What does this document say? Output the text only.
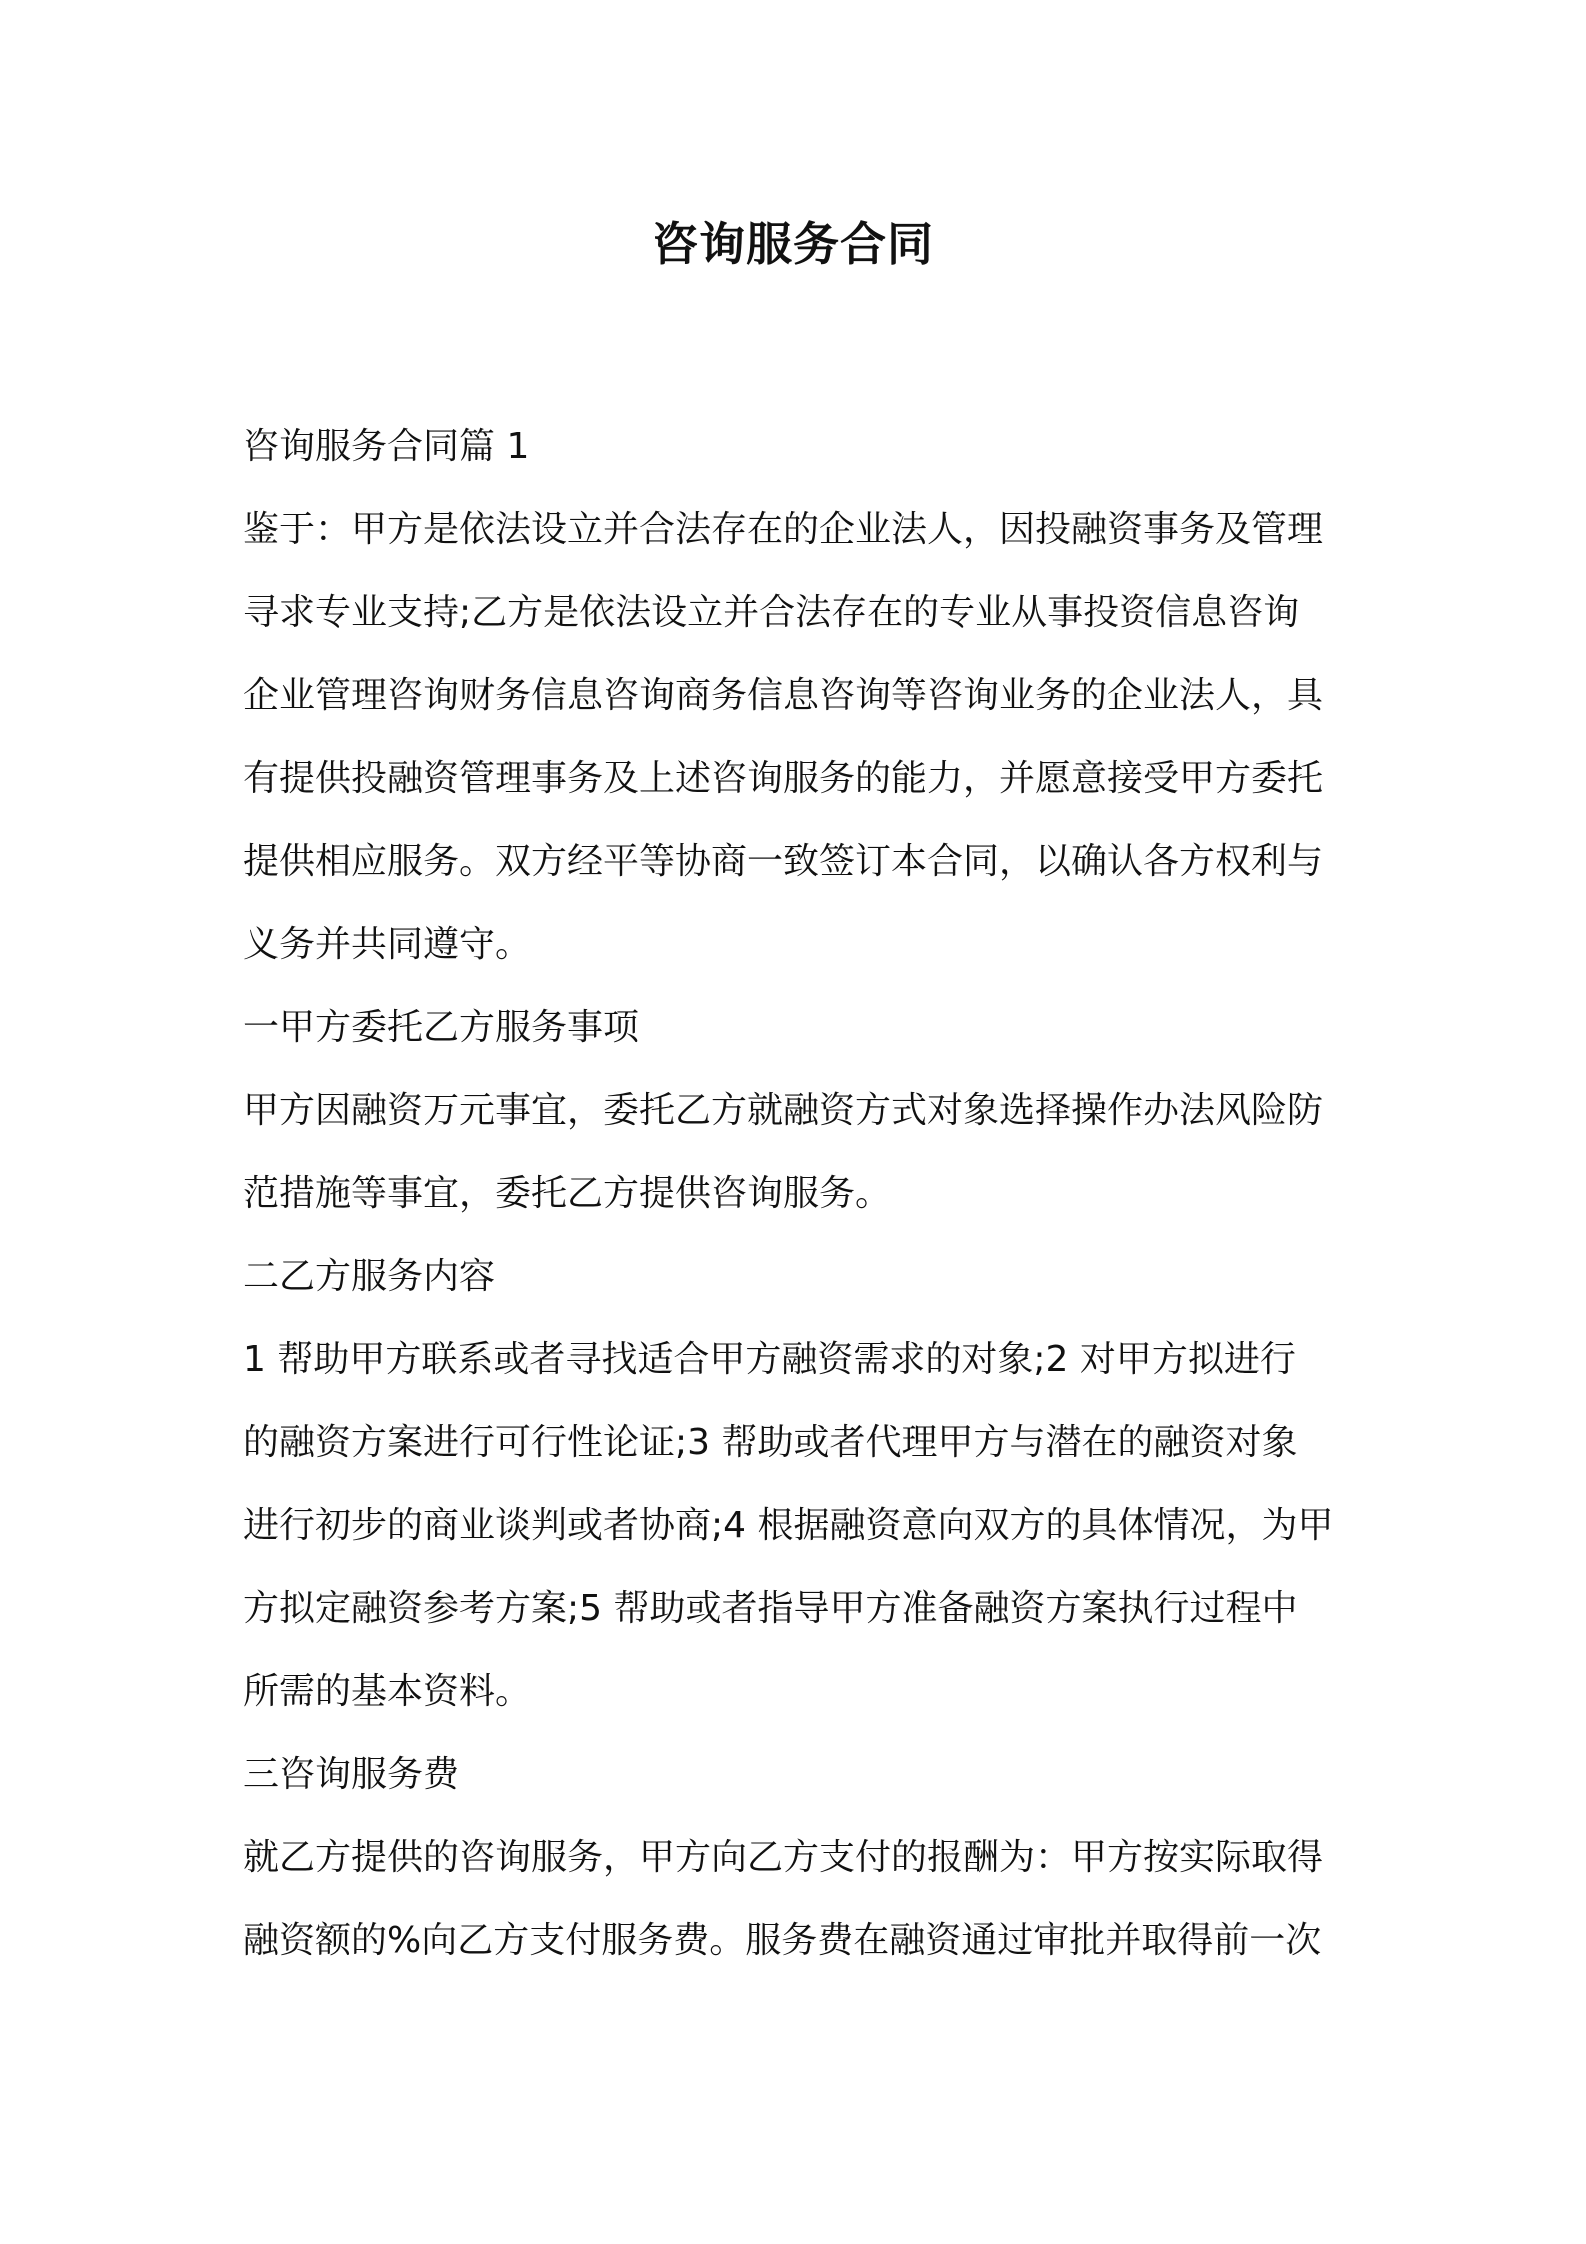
咨询服务合同
咨询服务合同篇 1
鉴于：甲方是依法设立并合法存在的企业法人，因投融资事务及管理
寻求专业支持;乙方是依法设立并合法存在的专业从事投资信息咨询
企业管理咨询财务信息咨询商务信息咨询等咨询业务的企业法人，具
有提供投融资管理事务及上述咨询服务的能力，并愿意接受甲方委托
提供相应服务。双方经平等协商一致签订本合同，以确认各方权利与
义务并共同遵守。
一甲方委托乙方服务事项
甲方因融资万元事宜，委托乙方就融资方式对象选择操作办法风险防
范措施等事宜，委托乙方提供咨询服务。
二乙方服务内容
1 帮助甲方联系或者寻找适合甲方融资需求的对象;2 对甲方拟进行
的融资方案进行可行性论证;3 帮助或者代理甲方与潜在的融资对象
进行初步的商业谈判或者协商;4 根据融资意向双方的具体情况，为甲
方拟定融资参考方案;5 帮助或者指导甲方准备融资方案执行过程中
所需的基本资料。
三咨询服务费
就乙方提供的咨询服务，甲方向乙方支付的报酬为：甲方按实际取得
融资额的%向乙方支付服务费。服务费在融资通过审批并取得前一次
